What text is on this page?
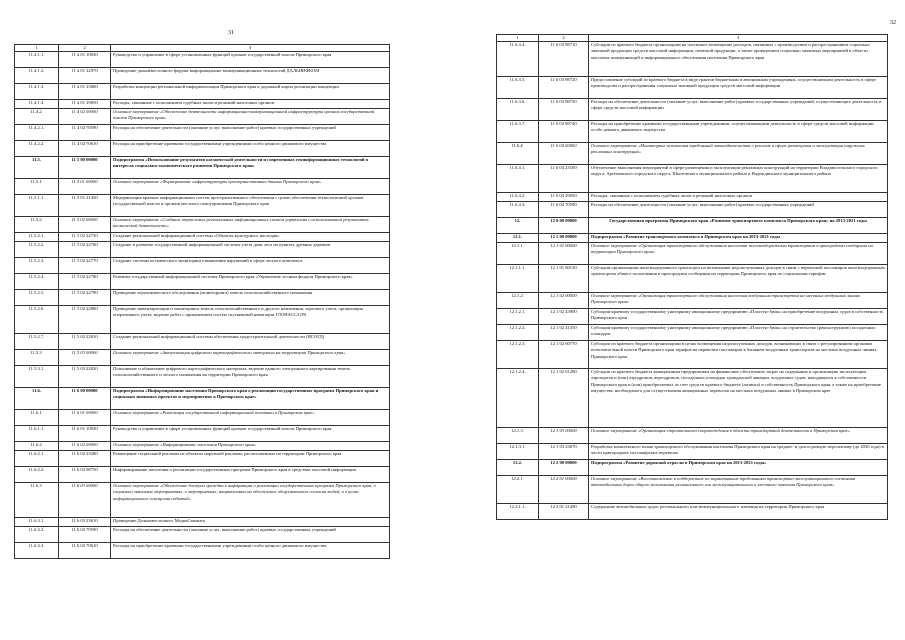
31
1	2	3
11.4.1.1.	11 4 01 10030	Руководство и управление в сфере установленных функций органов государственной власти Приморского края
11.4.1.2.	11 4 01 22970	Проведение дальневосточного форума информационно-коммуникационных технологий ДАЛЬНИФКОМ
11.4.1.3.	11 4 01 23060	Разработка концепции региональной информатизации Приморского края и дорожной карты реализации концепции
11.4.1.4.	11 4 01 29050	Расходы, связанные с исполнением судебных актов и решений налоговых органов
11.4.2.	11 4 02 00000	Основное мероприятие «Обеспечение деятельности информационно-коммуникационной инфраструктуры органов государственной власти Приморского края»
11.4.2.1.	11 4 02 70590	Расходы на обеспечение деятельности (оказание услуг, выполнение работ) краевых государственных учреждений
11.4.2.2.	11 4 02 70610	Расходы на приобретение краевыми государственными учреждениями особо ценного движимого имущества
11.5.	11 5 00 00000	Подпрограмма «Использование результатов космической деятельности и современных геоинформационных технологий в интересах социально-экономического развития Приморского края»
11.5.1.	11 5 01 00000	Основное мероприятие «Формирование инфраструктуры пространственных данных Приморского края»
11.5.1.1.	11 5 01 21450	Модернизация краевых информационных систем пространственного обеспечения с целью обеспечения технологичной органов государственной власти и органов местного самоуправления Приморского края
11.5.2.	11 5 02 00000	Основное мероприятие «Создание отраслевых региональных информационных систем управления с использованием результатов космической деятельности»
11.5.2.1.	11 5 02 22750	Создание региональной информационной системы «Объекты культурного наследия»
11.5.2.2.	11 5 02 22760	Создание и развитие государственной информационной системы учета дачи леса на пунктах древних деревьев
11.5.2.3.	11 5 02 22770	Создание системы космического мониторинга выявления нарушений в сфере лесного комплекса
11.5.2.4.	11 5 02 22780	Развитие государственной информационной системы Приморского края «Управление лесным фондом Приморского края»
11.5.2.5.	11 5 02 22790	Проведение агрохимического обследования (мониторинга) земель сельскохозяйственного назначения
11.5.2.6.	11 5 02 22800	Проведение инвентаризации и мониторинга земель сельскохозяйственного и другого назначения, торгового учета, организация оперативного учета, ведение работ с применением систем спутниковой навигации ГЛОНАСС/GPS
11.5.2.7.	11 5 02 22810	Создание региональной информационной системы обеспечения градостроительной деятельности (ИСОГД)
11.5.3.	11 5 03 00000	Основное мероприятие «Актуализация цифрового картографического материала на территории Приморского края»
11.5.3.1.	11 5 03 22820	Пополнение и обновление цифрового картографического материала, ведение единого электронного картирования земель сельскохозяйственного и лесного назначения на территории Приморского края
11.6.	11 6 00 00000	Подпрограмма «Информирование населения Приморского края о реализации государственных программ Приморского края и социально значимых проектах и мероприятиях в Приморском крае»
11.6.1.	11 6 01 00000	Основное мероприятие «Реализация государственной информационной политики в Приморском крае»
11.6.1.1.	11 6 01 10030	Руководство и управление в сфере установленных функций органов государственной власти Приморского края
11.6.2.	11 6 02 00000	Основное мероприятие «Информирование населения Приморского края»
11.6.2.1.	11 6 02 23280	Размещение социальной рекламы на объектах наружной рекламы, расположенных на территории Приморского края
11.6.2.2.	11 6 02 98750	Информирование населения о реализации государственных программ Приморского края в средствах массовой информации
11.6.3.	11 6 03 00000	Основное мероприятие «Обеспечение доступа граждан к информации о реализации государственных программ Приморского края, о социально значимых мероприятиях, о мероприятиях, направленных на обеспечение общественного согласия людей, и в целях информационного освещения событий»
11.6.3.1.	11 6 03 23610	Проведение Дальневосточного МедиаСаммита
11.6.3.2.	11 6 03 70590	Расходы на обеспечение деятельности (оказание услуг, выполнение работ) краевых государственных учреждений
11.6.3.3.	11 6 03 70610	Расходы на приобретение краевыми государственными учреждениями особо ценного движимого имущества
32
1	2	3
11.6.3.4.	11 6 03 98710	Субсидии из краевого бюджета организациям на частичное возмещение расходов, связанных с производством и распространением социально значимой продукции средств массовой информации, печатной продукции, а также проведением социально значимых мероприятий в области массовых коммуникаций и информационного обеспечения населения Приморского края
11.6.3.5.	11 6 03 98720	Предоставление субсидий из краевого бюджета в виде грантов бюджетным и автономным учреждениям, осуществляющим деятельность в сфере производства и распространения социально значимой продукции средств массовой информации
11.6.3.6.	11 6 03 98730	Расходы на обеспечение деятельности (оказание услуг, выполнение работ) краевых государственных учреждений, осуществляющих деятельность в сфере средств массовой информации
11.6.3.7.	11 6 03 98740	Расходы на приобретение краевыми государственными учреждениями, осуществляющими деятельность в сфере средств массовой информации, особо ценного движимого имущества
11.6.4.	11 6 04 00000	Основное мероприятие «Мониторинг исполнения требований законодательства о рекламе в сфере размещения и эксплуатации наружных рекламных конструкций»
11.6.4.1.	11 6 04 23100	Обеспечение выполнения мероприятий в сфере размещения и эксплуатации рекламных конструкций на территории Владивостокского городского округа, Артемовского городского округа, Шкотовского муниципального района и Надеждинского муниципального района
11.6.4.2.	11 6 04 29050	Расходы, связанные с исполнением судебных актов и решений налоговых органов
11.6.4.3.	11 6 04 70590	Расходы на обеспечение деятельности (оказание услуг, выполнение работ) краевых государственных учреждений
12.	12 0 00 00000	Государственная программа Приморского края «Развитие транспортного комплекса Приморского края» на 2013-2021 годы
12.1.	12 1 00 00000	Подпрограмма «Развитие транспортного комплекса в Приморском крае на 2013-2021 годы
12.1.1.	12 1 01 00000	Основное мероприятие «Организация транспортного обслуживания населения железнодорожным транспортом в пригородном сообщении на территории Приморского края»
12.1.1.1.	12 1 01 60130	Субсидии организациям железнодорожного транспорта на возмещение недополученных доходов в связи с перевозкой пассажиров железнодорожным транспортом общего пользования в пригородном сообщении на территории Приморского края по социальным тарифам
12.1.2.	12 1 02 00000	Основное мероприятие «Организация транспортного обслуживания населения воздушным транспортом на местных воздушных линиях Приморского края»
12.1.2.1.	12 1 02 43900	Субсидии краевому государственному унитарному авиационному предприятию «Пластун-Авиа» на приобретение воздушных судов в собственность Приморского края
12.1.2.2.	12 1 02 41350	Субсидии краевому государственному унитарному авиационному предприятию «Пластун-Авиа» на строительство (реконструкцию) посадочных площадок
12.1.2.3.	12 1 02 60770	Субсидии из краевого бюджета организациям в целях возмещения недополученных доходов, возникающих в связи с регулированием органами исполнительной власти Приморского края тарифов на перевозки пассажиров в ближнем воздушным транспортом на местных воздушных линиях Приморского края
12.1.2.4.	12 1 02 61280	Субсидии из краевого бюджета авиационным предприятиям на финансовое обеспечение затрат на содержание и организацию эксплуатации аэропортов и (или) аэродромов, вертодромов, посадочных площадок гражданской авиации, воздушных судов, находящихся в собственности Приморского края и (или) приобретаемых за счет средств краевого бюджета (лизинга) в собственность Приморского края, а также на приобретение имущества, необходимого для осуществления авиационных перевозок на местных воздушных линиях в Приморском крае
12.1.3.	12 1 03 00000	Основное мероприятие «Организация строительного сопровождения в области транспортной деятельности в Приморском крае»
12.1.3.1.	12 1 03 23070	Разработка комплексного плана транспортного обслуживания населения Приморского края на среднее- и долгосрочную перспективу (до 2030 года) в части пригородных пассажирских перевозок
12.2.	12 2 00 00000	Подпрограмма «Развитие дорожной отрасли в Приморском крае на 2013-2021 годы»
12.2.1.	12 2 01 00000	Основное мероприятие «Восстановление и поддержание по нормативным требованиям транспортно-эксплуатационного состояния автомобильных дорог общего пользования регионального или межмуниципального и местного значения Приморского края»
12.2.1.1.	12 2 01 21490	Содержание автомобильных дорог регионального или межмуниципального значения на территории Приморского края
